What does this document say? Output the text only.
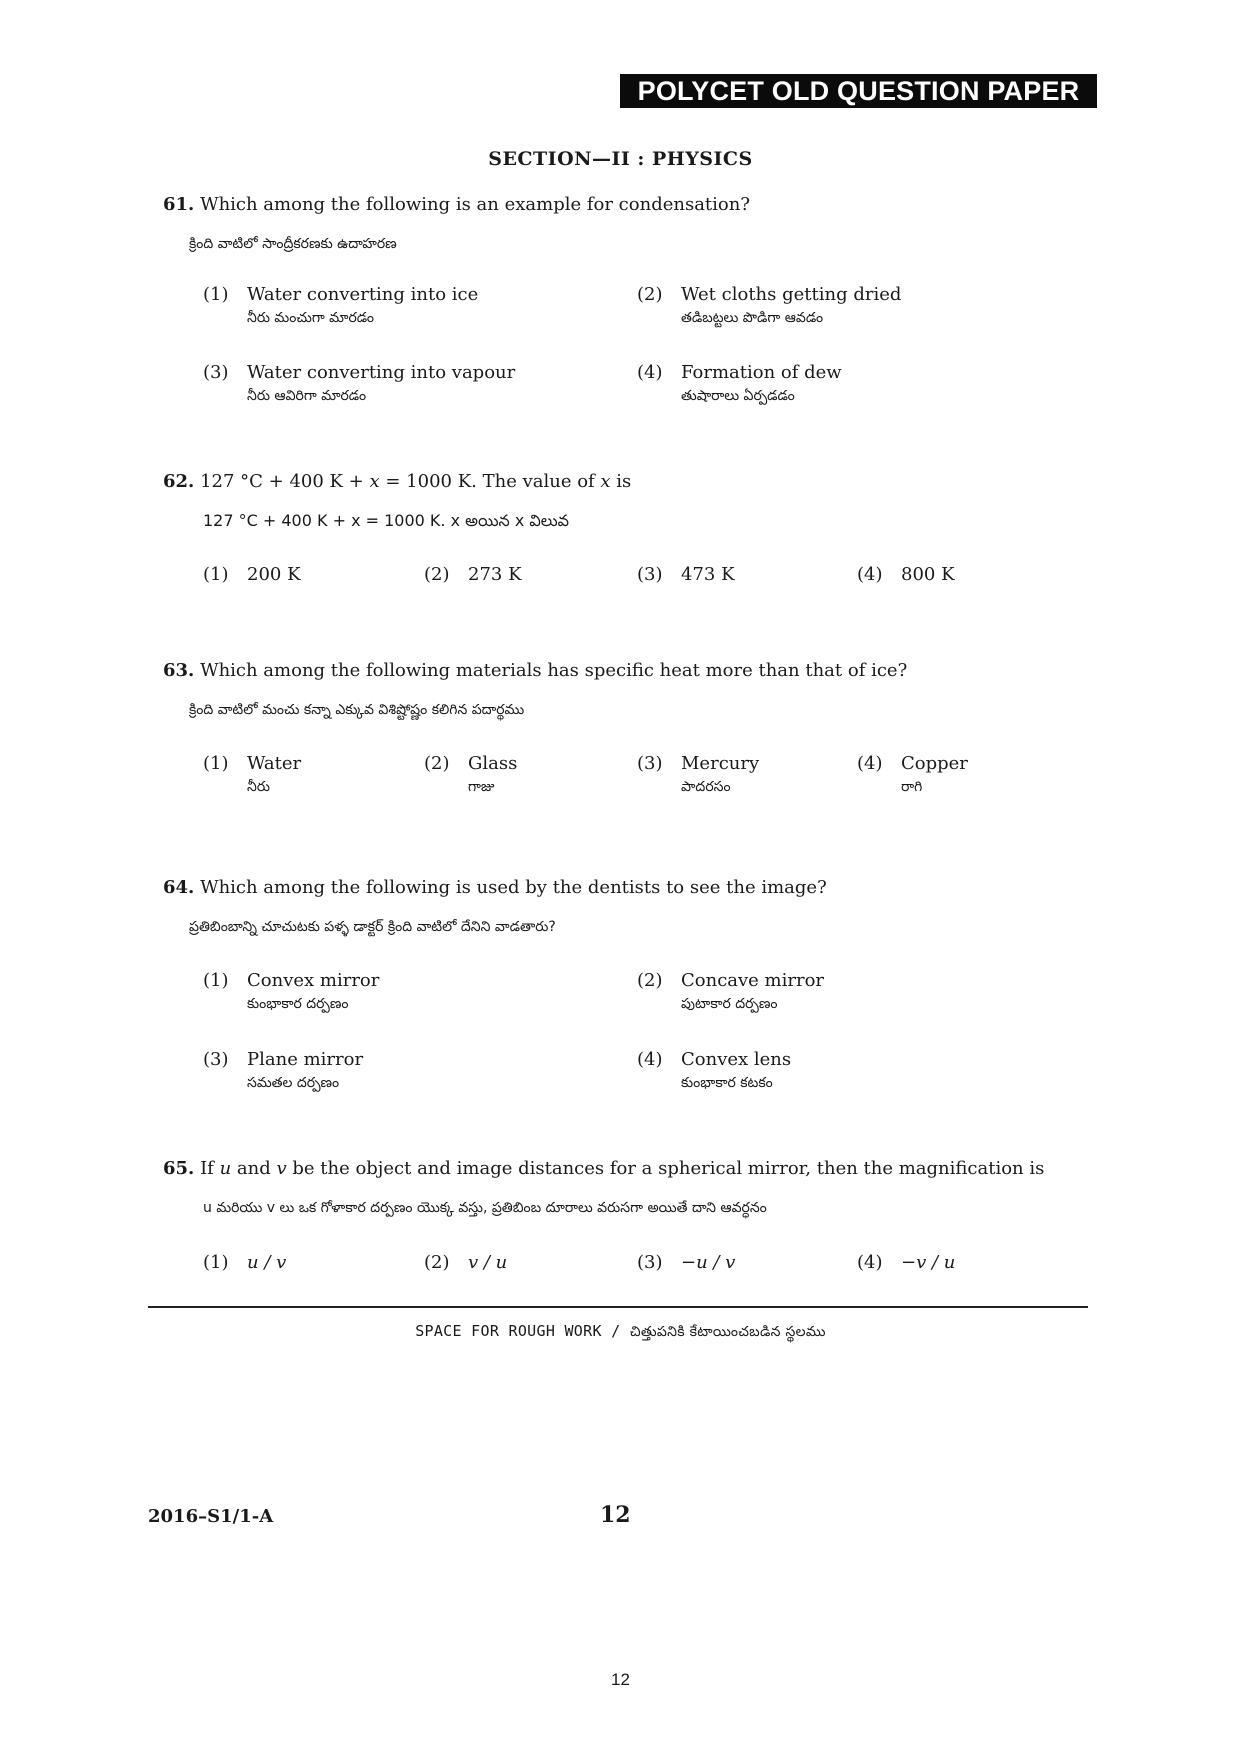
POLYCET OLD QUESTION PAPER
SECTION—II : PHYSICS
61. Which among the following is an example for condensation?
క్రింది వాటిలో సాంద్రీకరణకు ఉదాహరణ
(1) Water converting into ice
నీరు మంచుగా మారడం
(2) Wet cloths getting dried
తడిబట్టలు పొడిగా ఆవడం
(3) Water converting into vapour
నీరు ఆవిరిగా మారడం
(4) Formation of dew
తుషారాలు ఏర్పడడం
62. 127 °C + 400 K + x = 1000 K. The value of x is
127 °C + 400 K + x = 1000 K. x అయిన x విలువ
(1) 200 K	(2) 273 K	(3) 473 K	(4) 800 K
63. Which among the following materials has specific heat more than that of ice?
క్రింది వాటిలో మంచు కన్నా ఎక్కువ విశిష్టోష్ణం కలిగిన పదార్థము
(1) Water
నీరు
(2) Glass
గాజు
(3) Mercury
పాదరసం
(4) Copper
రాగి
64. Which among the following is used by the dentists to see the image?
ప్రతిబింబాన్ని చూచుటకు పళ్ళ డాక్టర్ క్రింది వాటిలో దేనిని వాడతారు?
(1) Convex mirror
కుంభాకార దర్పణం
(2) Concave mirror
పుటాకార దర్పణం
(3) Plane mirror
సమతల దర్పణం
(4) Convex lens
కుంభాకార కటకం
65. If u and v be the object and image distances for a spherical mirror, then the magnification is
u మరియు v లు ఒక గోళాకార దర్పణం యొక్క వస్తు, ప్రతిబింబ దూరాలు వరుసగా అయితే దాని ఆవర్ధనం
(1) u / v	(2) v / u	(3) −u / v	(4) −v / u
SPACE FOR ROUGH WORK / చిత్తుపనికి కేటాయించబడిన స్థలము
2016–S1/1-A	12
12
